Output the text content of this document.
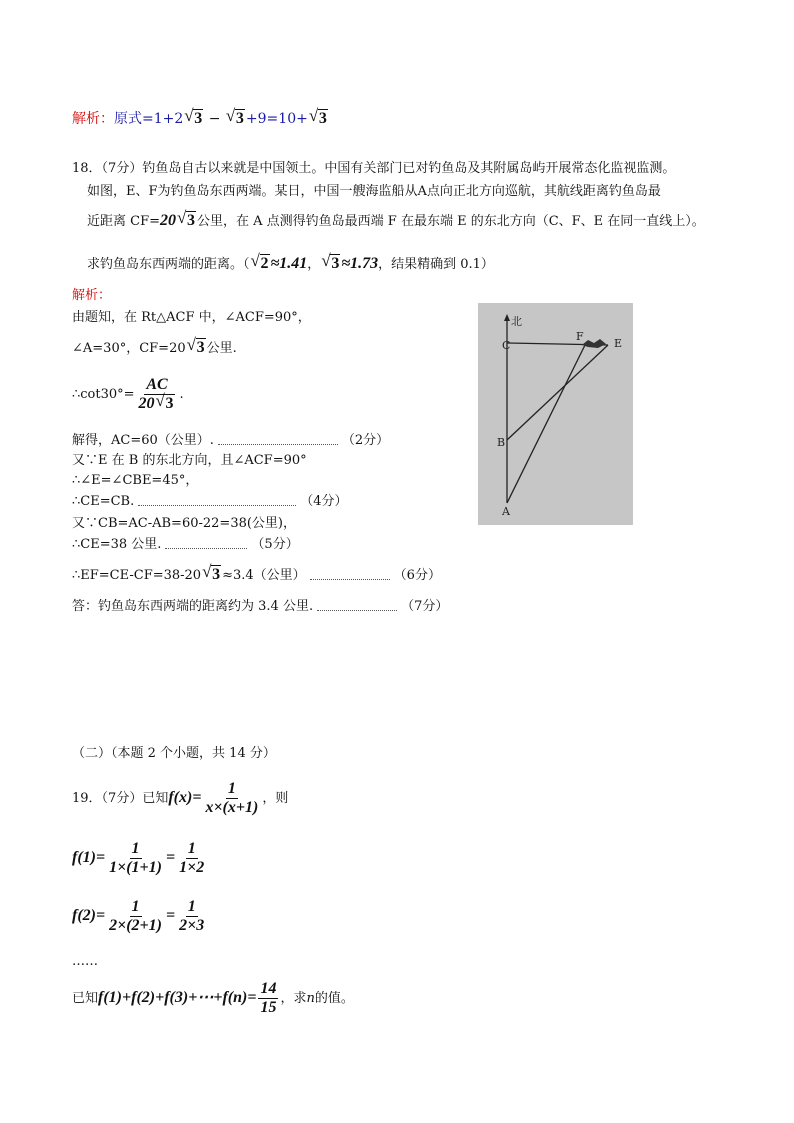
解析：原式=1+2 √ 3 − √ 3 +9=10+ √ 3
18．（7分）钓鱼岛自古以来就是中国领土。中国有关部门已对钓鱼岛及其附属岛屿开展常态化监视监测。
如图，E、F为钓鱼岛东西两端。某日，中国一艘海监船从A点向正北方向巡航，其航线距离钓鱼岛最
近距离 CF=20 √ 3 公里，在 A 点测得钓鱼岛最西端 F 在最东端 E 的东北方向（C、F、E 在同一直线上）。
求钓鱼岛东西两端的距离。（ √ 2 ≈1.41， √ 3 ≈1.73，结果精确到 0.1）
解析：
由题知，在 Rt△ACF 中，∠ACF=90°，
∠A=30°，CF=20 √ 3 公里.
∴cot30°= $\frac{AC}{20 √ 3}$ .
解得，AC=60（公里）.	（2分）
又∵E 在 B 的东北方向，且∠ACF=90°
∴∠E=∠CBE=45°，
∴CE=CB.	（4分）
又∵CB=AC-AB=60-22=38(公里)，
∴CE=38 公里.	（5分）
∴EF=CE-CF=38-20 √ 3 ≈3.4（公里）	（6分）
答：钓鱼岛东西两端的距离约为 3.4 公里.	（7分）
北
C
F
E
B
A
（二）（本题 2 个小题，共 14 分）
19．（7分）已知$f(x)= \frac{1}{x\times(x+1)}$ ，则
$f(1)= \frac{1}{1\times(1+1)} = \frac{1}{1\times 2}$
$f(2)= \frac{1}{2\times(2+1)} = \frac{1}{2\times 3}$
……
已知f(1)+f(2)+f(3)+⋯+f(n)= $\frac{14}{15}$ ，求n的值。
